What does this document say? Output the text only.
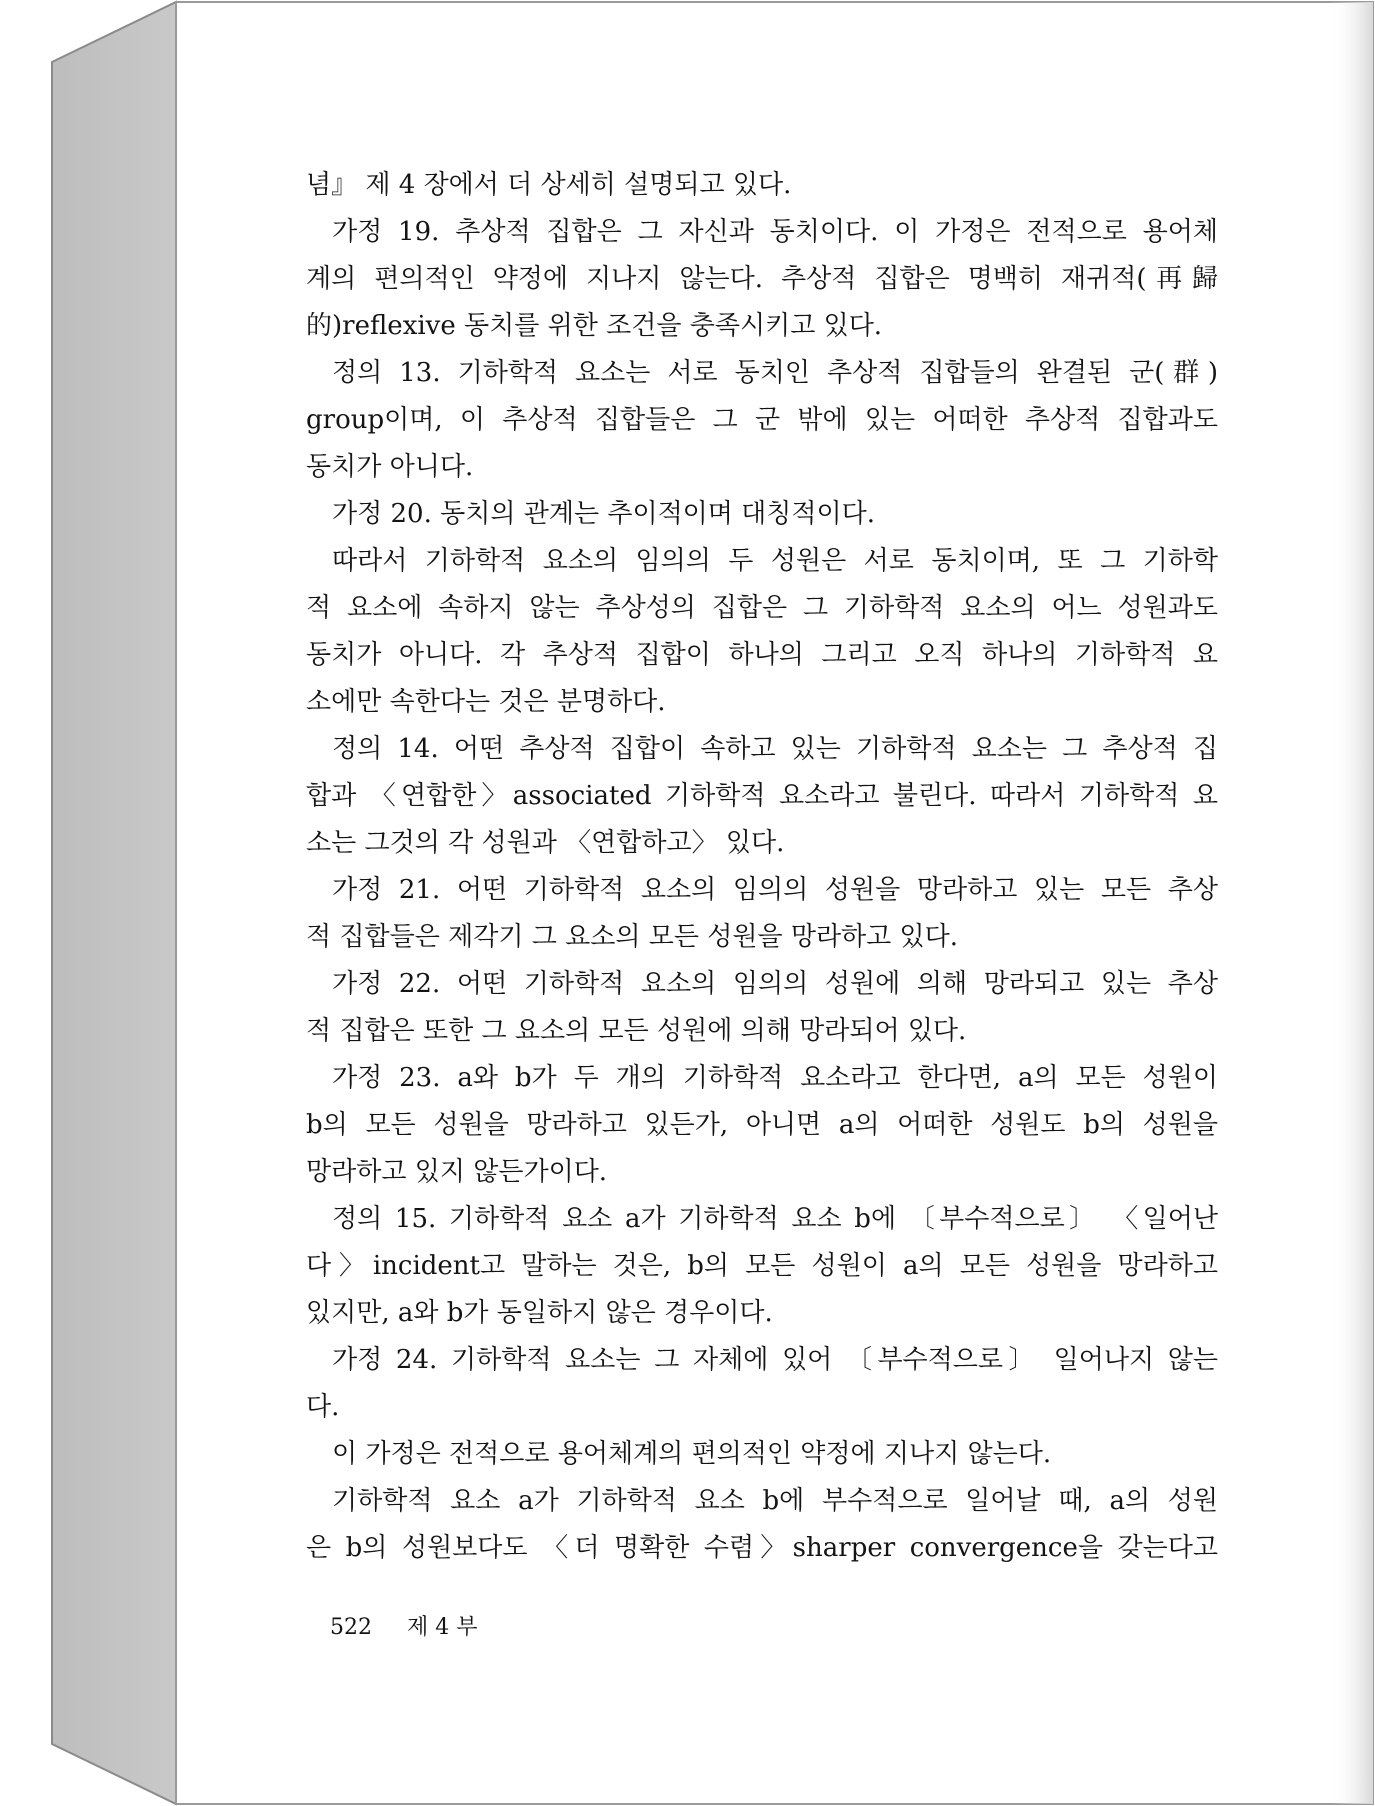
념』 제 4 장에서 더 상세히 설명되고 있다.
가정 19. 추상적 집합은 그 자신과 동치이다. 이 가정은 전적으로 용어체
계의 편의적인 약정에 지나지 않는다. 추상적 집합은 명백히 재귀적(再歸
的)reflexive 동치를 위한 조건을 충족시키고 있다.
정의 13. 기하학적 요소는 서로 동치인 추상적 집합들의 완결된 군(群)
group이며, 이 추상적 집합들은 그 군 밖에 있는 어떠한 추상적 집합과도
동치가 아니다.
가정 20. 동치의 관계는 추이적이며 대칭적이다.
따라서 기하학적 요소의 임의의 두 성원은 서로 동치이며, 또 그 기하학
적 요소에 속하지 않는 추상성의 집합은 그 기하학적 요소의 어느 성원과도
동치가 아니다. 각 추상적 집합이 하나의 그리고 오직 하나의 기하학적 요
소에만 속한다는 것은 분명하다.
정의 14. 어떤 추상적 집합이 속하고 있는 기하학적 요소는 그 추상적 집
합과 〈연합한〉associated 기하학적 요소라고 불린다. 따라서 기하학적 요
소는 그것의 각 성원과 〈연합하고〉 있다.
가정 21. 어떤 기하학적 요소의 임의의 성원을 망라하고 있는 모든 추상
적 집합들은 제각기 그 요소의 모든 성원을 망라하고 있다.
가정 22. 어떤 기하학적 요소의 임의의 성원에 의해 망라되고 있는 추상
적 집합은 또한 그 요소의 모든 성원에 의해 망라되어 있다.
가정 23. a와 b가 두 개의 기하학적 요소라고 한다면, a의 모든 성원이
b의 모든 성원을 망라하고 있든가, 아니면 a의 어떠한 성원도 b의 성원을
망라하고 있지 않든가이다.
정의 15. 기하학적 요소 a가 기하학적 요소 b에 〔부수적으로〕 〈일어난
다〉incident고 말하는 것은, b의 모든 성원이 a의 모든 성원을 망라하고
있지만, a와 b가 동일하지 않은 경우이다.
가정 24. 기하학적 요소는 그 자체에 있어 〔부수적으로〕 일어나지 않는
다.
이 가정은 전적으로 용어체계의 편의적인 약정에 지나지 않는다.
기하학적 요소 a가 기하학적 요소 b에 부수적으로 일어날 때, a의 성원
은 b의 성원보다도 〈더 명확한 수렴〉sharper convergence을 갖는다고
522 제 4 부
